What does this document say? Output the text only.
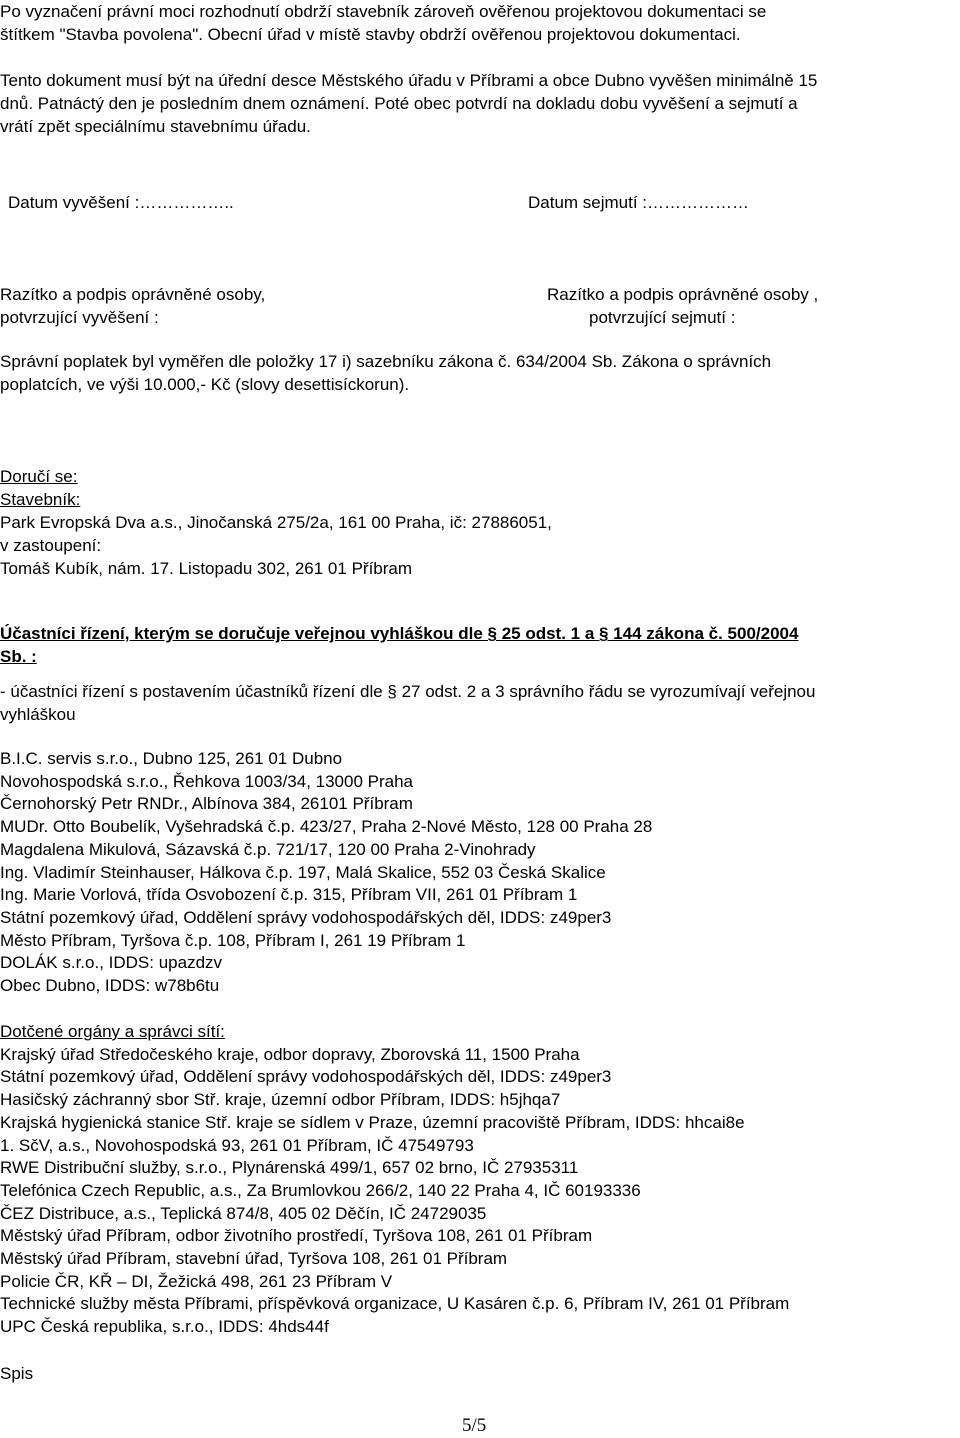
Po vyznačení právní moci rozhodnutí obdrží stavebník zároveň ověřenou projektovou dokumentaci se
štítkem "Stavba povolena". Obecní úřad v místě stavby obdrží ověřenou projektovou dokumentaci.
Tento dokument musí být na úřední desce Městského úřadu v Příbrami a obce Dubno vyvěšen minimálně 15
dnů. Patnáctý den je posledním dnem oznámení. Poté obec potvrdí na dokladu dobu vyvěšení a sejmutí a
vrátí zpět speciálnímu stavebnímu úřadu.
Datum vyvěšení :……………..	Datum sejmutí :………………
Razítko a podpis oprávněné osoby,
potvrzující vyvěšení :
Razítko a podpis oprávněné osoby ,
potvrzující sejmutí :
Správní poplatek byl vyměřen dle položky 17 i) sazebníku zákona č. 634/2004 Sb. Zákona o správních
poplatcích, ve výši 10.000,- Kč (slovy desettisíckorun).
Doručí se:
Stavebník:
Park Evropská Dva a.s., Jinočanská 275/2a, 161 00 Praha, ič: 27886051,
v zastoupení:
Tomáš Kubík, nám. 17. Listopadu 302, 261 01 Příbram
Účastníci řízení, kterým se doručuje veřejnou vyhláškou dle § 25 odst. 1 a § 144 zákona č. 500/2004
Sb. :
- účastníci řízení s postavením účastníků řízení dle § 27 odst. 2 a 3 správního řádu se vyrozumívají veřejnou
vyhláškou
B.I.C. servis s.r.o., Dubno 125, 261 01 Dubno
Novohospodská s.r.o., Řehkova 1003/34, 13000 Praha
Černohorský Petr RNDr., Albínova 384, 26101 Příbram
MUDr. Otto Boubelík, Vyšehradská č.p. 423/27, Praha 2-Nové Město, 128 00 Praha 28
Magdalena Mikulová, Sázavská č.p. 721/17, 120 00 Praha 2-Vinohrady
Ing. Vladimír Steinhauser, Hálkova č.p. 197, Malá Skalice, 552 03 Česká Skalice
Ing. Marie Vorlová, třída Osvobození č.p. 315, Příbram VII, 261 01 Příbram 1
Státní pozemkový úřad, Oddělení správy vodohospodářských děl, IDDS: z49per3
Město Příbram, Tyršova č.p. 108, Příbram I, 261 19 Příbram 1
DOLÁK s.r.o., IDDS: upazdzv
Obec Dubno, IDDS: w78b6tu
Dotčené orgány a správci sítí:
Krajský úřad Středočeského kraje, odbor dopravy, Zborovská 11, 1500 Praha
Státní pozemkový úřad, Oddělení správy vodohospodářských děl, IDDS: z49per3
Hasičský záchranný sbor Stř. kraje, územní odbor Příbram, IDDS: h5jhqa7
Krajská hygienická stanice Stř. kraje se sídlem v Praze, územní pracoviště Příbram, IDDS: hhcai8e
1. SčV, a.s., Novohospodská 93, 261 01 Příbram, IČ 47549793
RWE Distribuční služby, s.r.o., Plynárenská 499/1, 657 02 brno, IČ 27935311
Telefónica Czech Republic, a.s., Za Brumlovkou 266/2, 140 22 Praha 4, IČ 60193336
ČEZ Distribuce, a.s., Teplická 874/8, 405 02 Děčín, IČ 24729035
Městský úřad Příbram, odbor životního prostředí, Tyršova 108, 261 01 Příbram
Městský úřad Příbram, stavební úřad, Tyršova 108, 261 01 Příbram
Policie ČR, KŘ – DI, Žežická 498, 261 23 Příbram V
Technické služby města Příbrami, příspěvková organizace, U Kasáren č.p. 6, Příbram IV, 261 01 Příbram
UPC Česká republika, s.r.o., IDDS: 4hds44f
Spis
5/5
